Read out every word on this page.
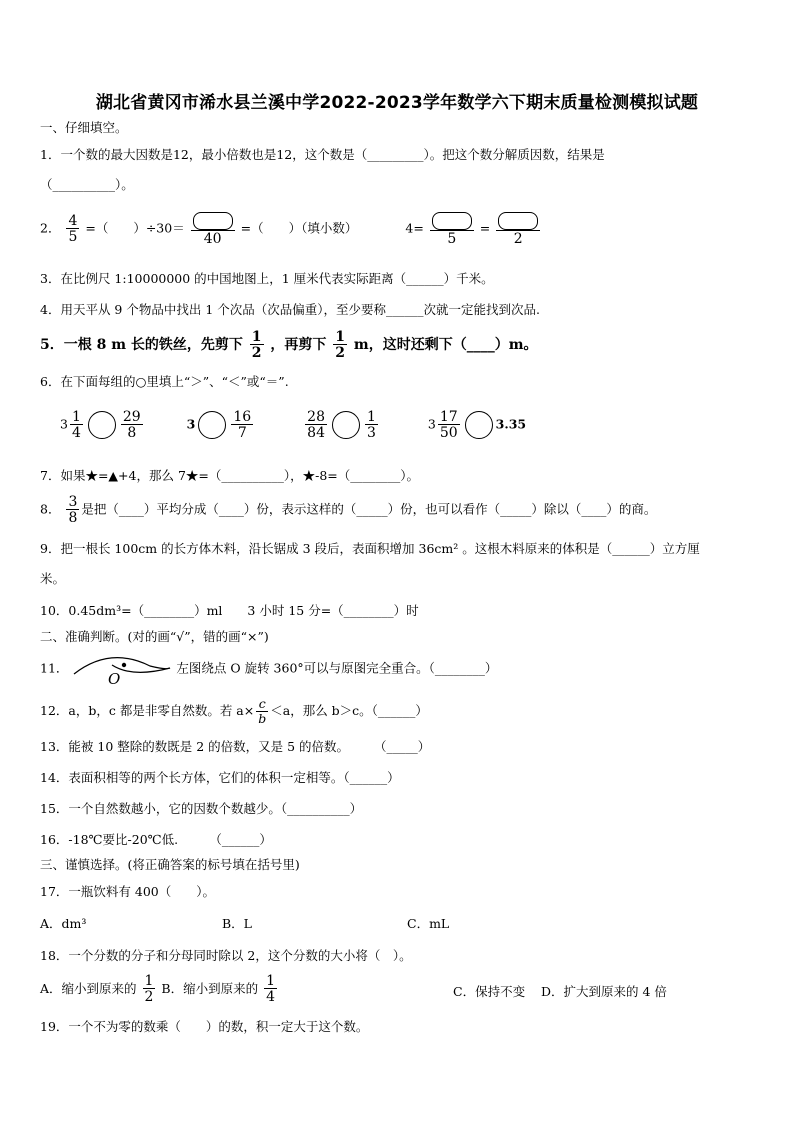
湖北省黄冈市浠水县兰溪中学2022-2023学年数学六下期末质量检测模拟试题
一、仔细填空。
1．一个数的最大因数是12，最小倍数也是12，这个数是（_________）。把这个数分解质因数，结果是
（__________）。
2． $\frac{4}{5}$ =（　　）÷30＝
40
=（　　）（填小数）	4=
5
=
2
3．在比例尺 1:10000000 的中国地图上，1 厘米代表实际距离（______）千米。
4．用天平从 9 个物品中找出 1 个次品（次品偏重），至少要称______次就一定能找到次品.
5．一根 8 m 长的铁丝，先剪下 $\frac{1}{2}$ ，再剪下 $\frac{1}{2}$ m，这时还剩下（____）m。
6．在下面每组的○里填上“＞”、“＜”或“＝”.
$3 \frac{1}{4}$	$\frac{29}{8}$	3	$\frac{16}{7}$
	$\frac{28}{84}$	$\frac{1}{3}$	$3 \frac{17}{50}$	3.35
7．如果★=▲+4，那么 7★=（__________），★-8=（________）。
8． $\frac{3}{8}$ 是把（____）平均分成（____）份，表示这样的（_____）份，也可以看作（_____）除以（____）的商。
9．把一根长 100cm 的长方体木料，沿长锯成 3 段后，表面积增加 36cm² 。这根木料原来的体积是（______）立方厘
米。
10．0.45dm³=（________）ml　　3 小时 15 分=（________）时
二、准确判断。(对的画“√”，错的画“×”)
11．
O
左图绕点 O 旋转 360°可以与原图完全重合。（________）
12．a，b，c 都是非零自然数。若 $a\times \frac{c}{b} <a$，那么 b＞c。（______）
13．能被 10 整除的数既是 2 的倍数，又是 5 的倍数。　　　（_____）
14．表面积相等的两个长方体，它们的体积一定相等。（______）
15．一个自然数越小，它的因数个数越少。（__________）
16．-18℃要比-20℃低.　　　（______）
三、谨慎选择。(将正确答案的标号填在括号里)
17．一瓶饮料有 400（　　）。
A．dm³	B．L	C．mL
18．一个分数的分子和分母同时除以 2，这个分数的大小将（　）。
A．缩小到原来的 $\frac{1}{2}$ B．缩小到原来的 $\frac{1}{4}$	C．保持不变 D．扩大到原来的 4 倍
19．一个不为零的数乘（　　）的数，积一定大于这个数。
